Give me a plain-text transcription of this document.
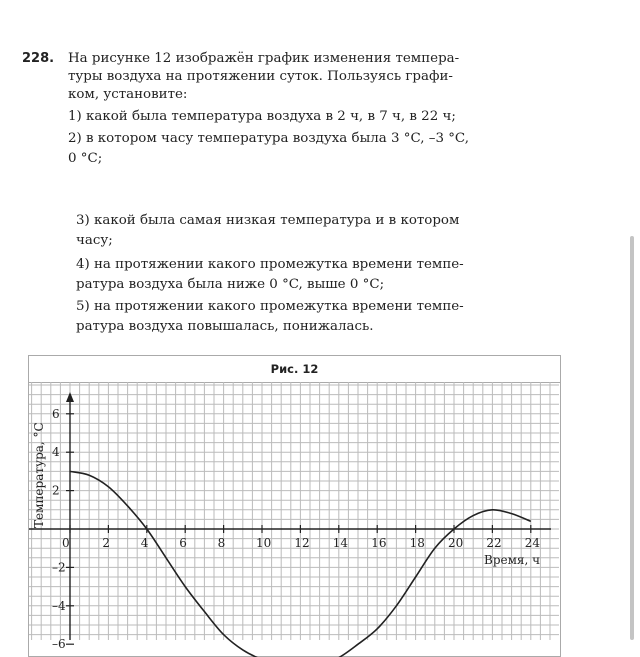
228. На рисунке 12 изображён график изменения темпера-
туры воздуха на протяжении суток. Пользуясь графи-
ком, установите:
1) какой была температура воздуха в 2 ч, в 7 ч, в 22 ч;
2) в котором часу температура воздуха была 3 °C, –3 °C,
0 °C;
3) какой была самая низкая температура и в котором
часу;
4) на протяжении какого промежутка времени темпе-
ратура воздуха была ниже 0 °C, выше 0 °C;
5) на протяжении какого промежутка времени темпе-
ратура воздуха повышалась, понижалась.
Рис. 12
0	2	4	6	8	10 12 14 16 18 20 22 24
6
4
2
–2
–4
–6
Время, ч
Температура, °C
